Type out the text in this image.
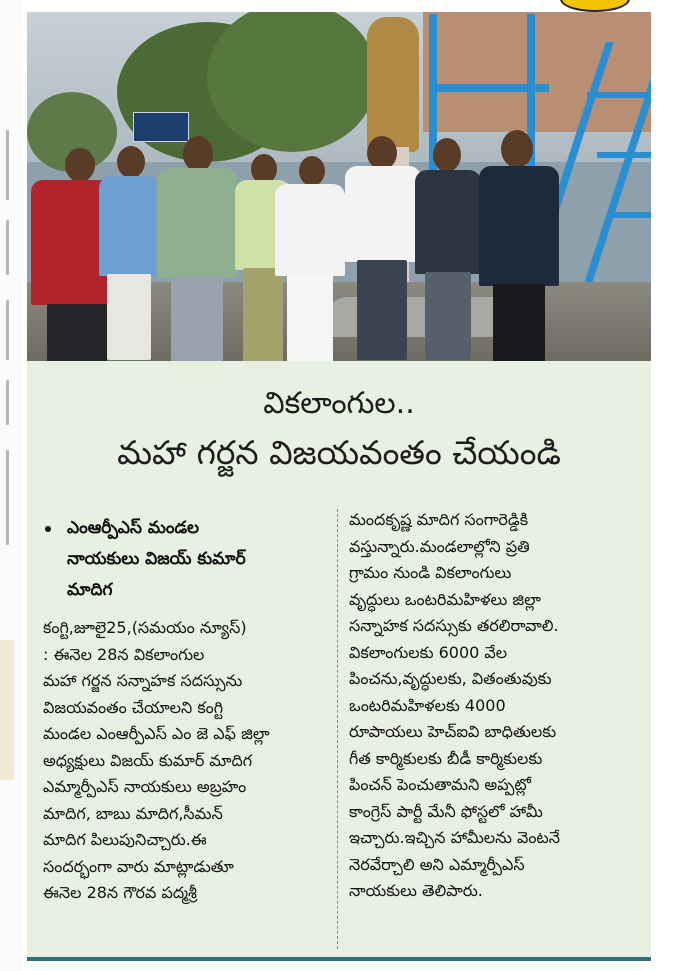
వికలాంగుల..
మహా గర్జన విజయవంతం చేయండి
ఎంఆర్పీఎస్ మండల
నాయకులు విజయ్ కుమార్
మాదిగ
కంగ్టి,జూలై25,(సమయం న్యూస్)
: ఈనెల 28న వికలాంగుల
మహా గర్జన సన్నాహక సదస్సును
విజయవంతం చేయాలని కంగ్టి
మండల ఎంఆర్పీఎస్ ఎం జె ఎఫ్ జిల్లా
అధ్యక్షులు విజయ్ కుమార్ మాదిగ
ఎమ్మార్పీఎస్ నాయకులు అబ్రహం
మాదిగ, బాబు మాదిగ,సీమన్
మాదిగ పిలుపునిచ్చారు.ఈ
సందర్భంగా వారు మాట్లాడుతూ
ఈనెల 28న గౌరవ పద్మశ్రీ
మందకృష్ణ మాదిగ సంగారెడ్డికి
వస్తున్నారు.మండలాల్లోని ప్రతి
గ్రామం నుండి వికలాంగులు
వృద్ధులు ఒంటరిమహిళలు జిల్లా
సన్నాహక సదస్సుకు తరలిరావాలి.
వికలాంగులకు 6000 వేల
పించను,వృద్ధులకు, వితంతువుకు
ఒంటరిమహిళలకు 4000
రూపాయలు హెచ్ఐవి బాధితులకు
గీత కార్మికులకు బీడీ కార్మికులకు
పించన్ పెంచుతామని అప్పట్లో
కాంగ్రెస్ పార్టీ మేనీ ఫోస్టలో హామీ
ఇచ్చారు.ఇచ్చిన హామీలను వెంటనే
నెరవేర్చాలి అని ఎమ్మార్పీఎస్
నాయకులు తెలిపారు.
